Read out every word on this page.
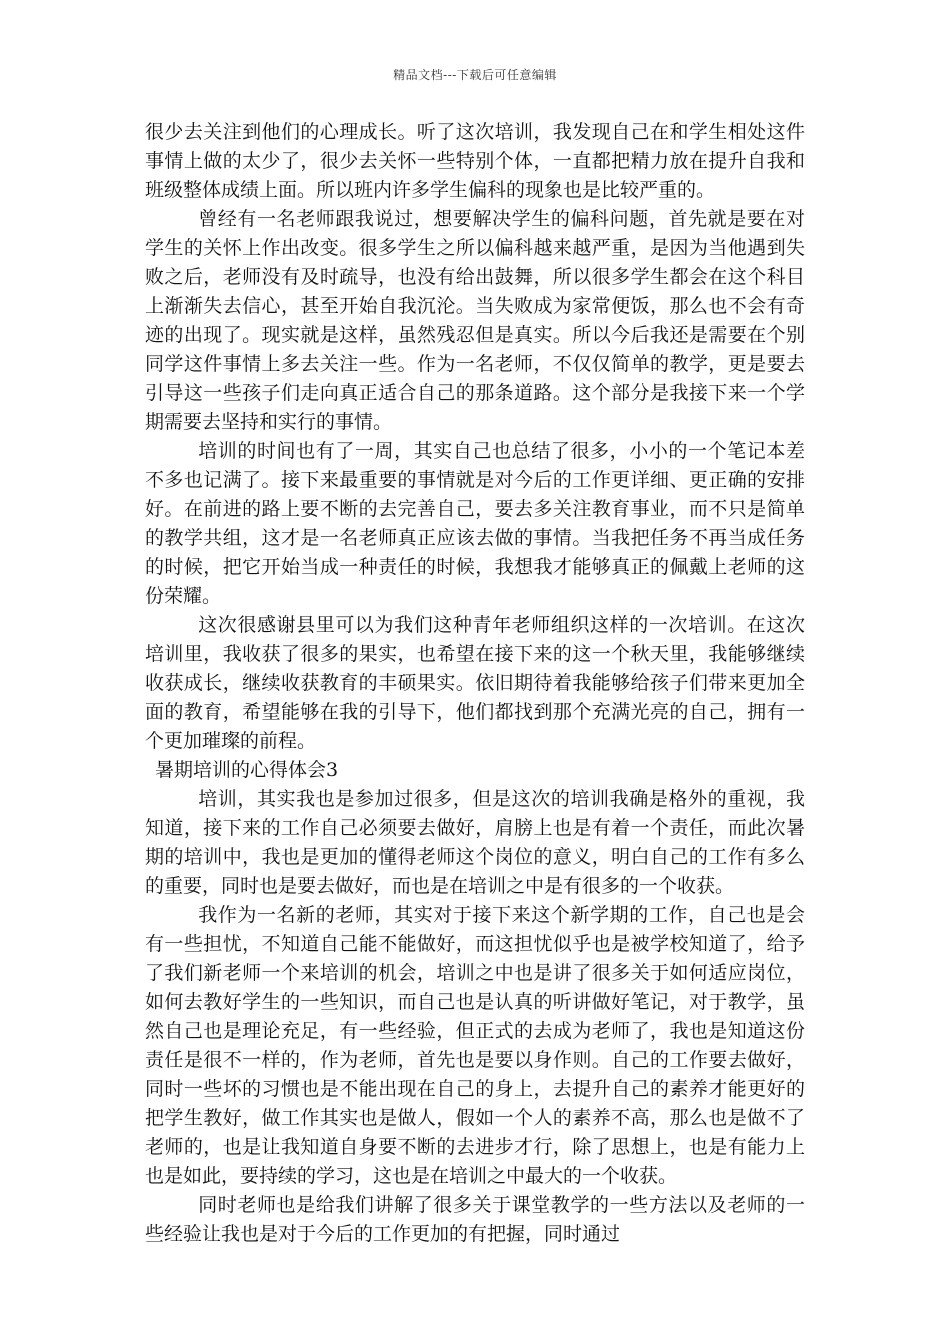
精品文档---下载后可任意编辑

很少去关注到他们的心理成长。听了这次培训，我发现自己在和学生相处这件事情上做的太少了，很少去关怀一些特别个体，一直都把精力放在提升自我和班级整体成绩上面。所以班内许多学生偏科的现象也是比较严重的。

曾经有一名老师跟我说过，想要解决学生的偏科问题，首先就是要在对学生的关怀上作出改变。很多学生之所以偏科越来越严重，是因为当他遇到失败之后，老师没有及时疏导，也没有给出鼓舞，所以很多学生都会在这个科目上渐渐失去信心，甚至开始自我沉沦。当失败成为家常便饭，那么也不会有奇迹的出现了。现实就是这样，虽然残忍但是真实。所以今后我还是需要在个别同学这件事情上多去关注一些。作为一名老师，不仅仅简单的教学，更是要去引导这一些孩子们走向真正适合自己的那条道路。这个部分是我接下来一个学期需要去坚持和实行的事情。

培训的时间也有了一周，其实自己也总结了很多，小小的一个笔记本差不多也记满了。接下来最重要的事情就是对今后的工作更详细、更正确的安排好。在前进的路上要不断的去完善自己，要去多关注教育事业，而不只是简单的教学共组，这才是一名老师真正应该去做的事情。当我把任务不再当成任务的时候，把它开始当成一种责任的时候，我想我才能够真正的佩戴上老师的这份荣耀。

这次很感谢县里可以为我们这种青年老师组织这样的一次培训。在这次培训里，我收获了很多的果实，也希望在接下来的这一个秋天里，我能够继续收获成长，继续收获教育的丰硕果实。依旧期待着我能够给孩子们带来更加全面的教育，希望能够在我的引导下，他们都找到那个充满光亮的自己，拥有一个更加璀璨的前程。

暑期培训的心得体会3

培训，其实我也是参加过很多，但是这次的培训我确是格外的重视，我知道，接下来的工作自己必须要去做好，肩膀上也是有着一个责任，而此次暑期的培训中，我也是更加的懂得老师这个岗位的意义，明白自己的工作有多么的重要，同时也是要去做好，而也是在培训之中是有很多的一个收获。

我作为一名新的老师，其实对于接下来这个新学期的工作，自己也是会有一些担忧，不知道自己能不能做好，而这担忧似乎也是被学校知道了，给予了我们新老师一个来培训的机会，培训之中也是讲了很多关于如何适应岗位，如何去教好学生的一些知识，而自己也是认真的听讲做好笔记，对于教学，虽然自己也是理论充足，有一些经验，但正式的去成为老师了，我也是知道这份责任是很不一样的，作为老师，首先也是要以身作则。自己的工作要去做好，同时一些坏的习惯也是不能出现在自己的身上，去提升自己的素养才能更好的把学生教好，做工作其实也是做人，假如一个人的素养不高，那么也是做不了老师的，也是让我知道自身要不断的去进步才行，除了思想上，也是有能力上也是如此，要持续的学习，这也是在培训之中最大的一个收获。

同时老师也是给我们讲解了很多关于课堂教学的一些方法以及老师的一些经验让我也是对于今后的工作更加的有把握，同时通过
